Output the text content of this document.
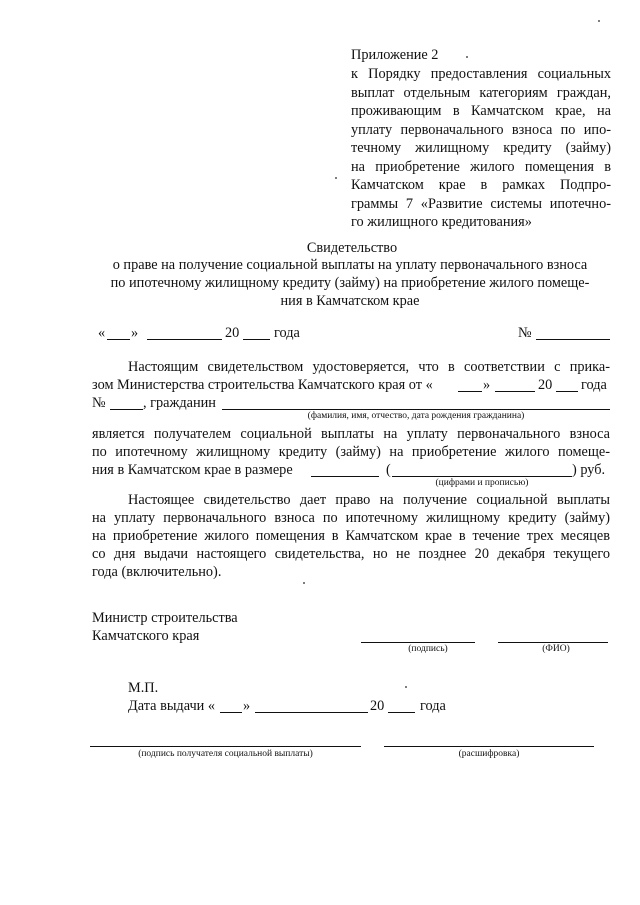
Приложение 2
к Порядку предоставления социальных
выплат отдельным категориям граждан,
проживающим в Камчатском крае, на
уплату первоначального взноса по ипо-
течному жилищному кредиту (займу)
на приобретение жилого помещения в
Камчатском крае в рамках Подпро-
граммы 7 «Развитие системы ипотечно-
го жилищного кредитования»
Свидетельство
о праве на получение социальной выплаты на уплату первоначального взноса
по ипотечному жилищному кредиту (займу) на приобретение жилого помеще-
ния в Камчатском крае
« »	20 года	№
Настоящим свидетельством удостоверяется, что в соответствии с прика-
зом Министерства строительства Камчатского края от «	»	20 года
№	, гражданин
(фамилия, имя, отчество, дата рождения гражданина)
является получателем социальной выплаты на уплату первоначального взноса
по ипотечному жилищному кредиту (займу) на приобретение жилого помеще-
ния в Камчатском крае в размере	(	) руб.
(цифрами и прописью)
Настоящее свидетельство дает право на получение социальной выплаты
на уплату первоначального взноса по ипотечному жилищному кредиту (займу)
на приобретение жилого помещения в Камчатском крае в течение трех месяцев
со дня выдачи настоящего свидетельства, но не позднее 20 декабря текущего
года (включительно).
Министр строительства
Камчатского края
(подпись)	(ФИО)
М.П.
Дата выдачи « »	20 года
(подпись получателя социальной выплаты)	(расшифровка)
